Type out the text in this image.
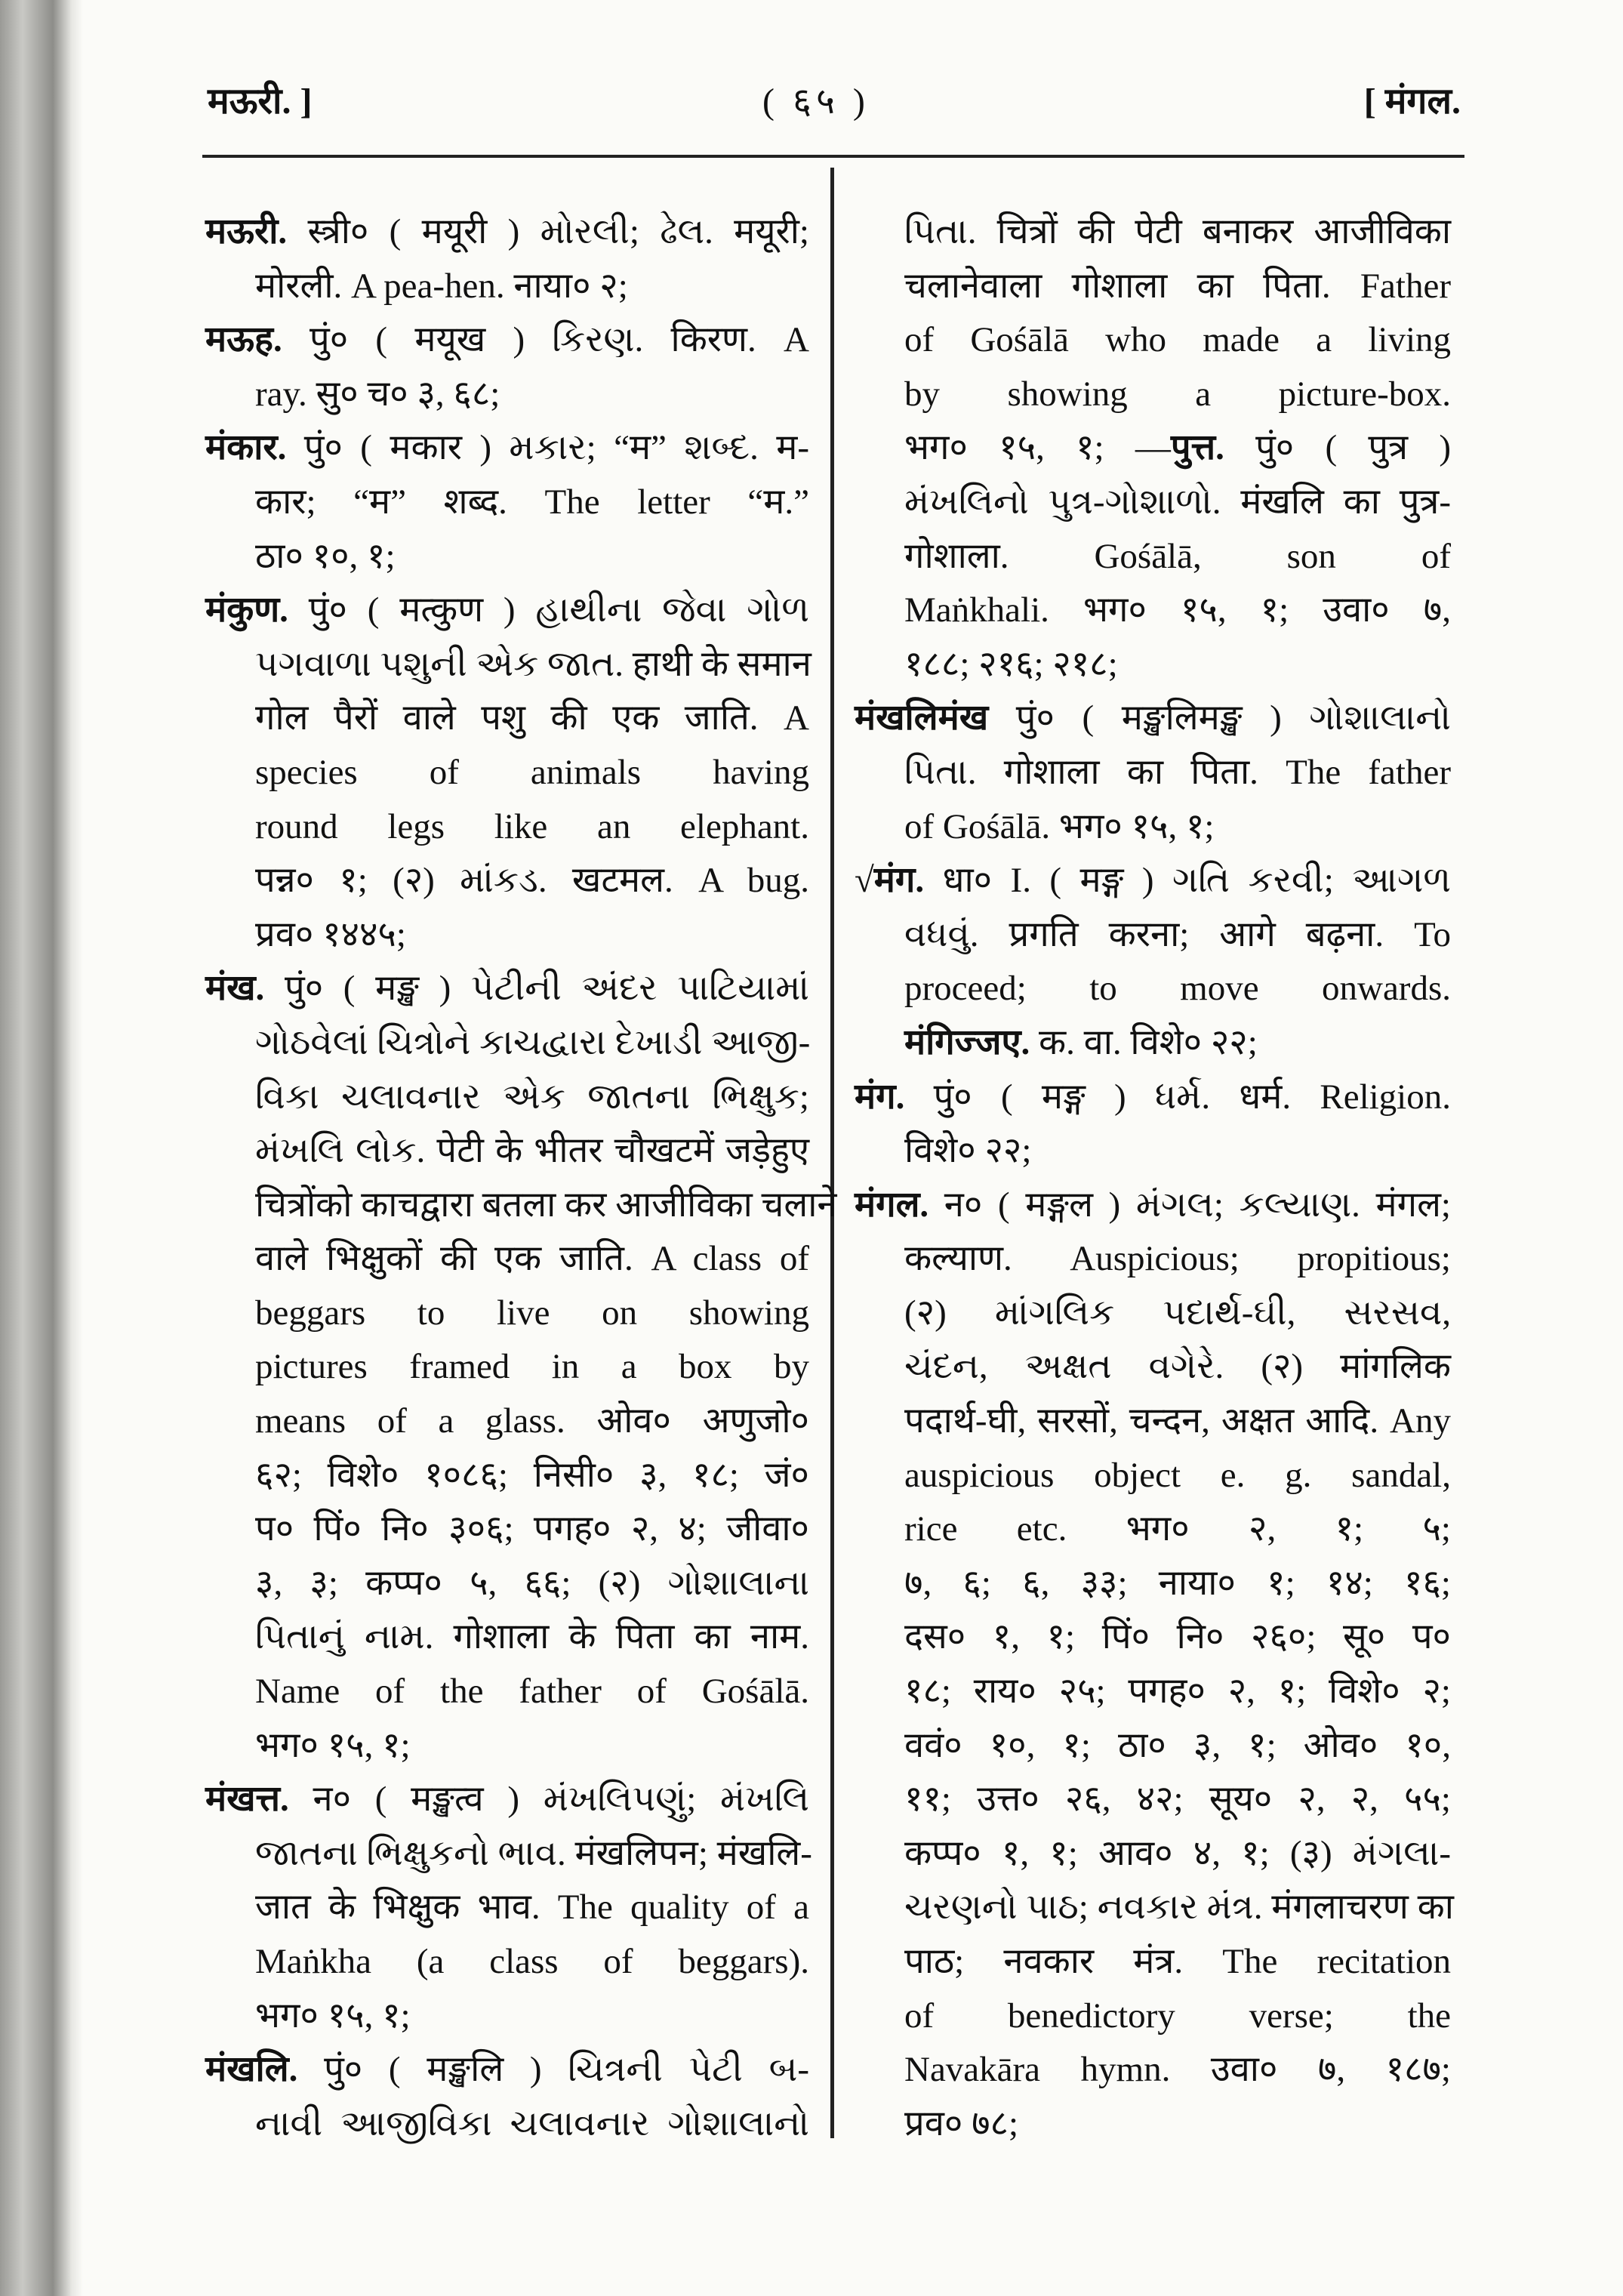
मऊरी. ]	( ६५ )	[ मंगल.
मऊरी. स्त्री० ( मयूरी ) મોરલી; ઢેલ. मयूरी;
मोरली. A pea-hen. नाया० २;
मऊह. पुं० ( मयूख ) કિરણ. किरण. A
ray. सु० च० ३, ६८;
मंकार. पुं० ( मकार ) મકાર; “म” શબ્દ. म-
कार; “म” शब्द. The letter “म.”
ठा० १०, १;
मंकुण. पुं० ( मत्कुण ) હાથીના જેવા ગોળ
પગવાળા પશુની એક જાત. हाथी के समान
गोल पैरों वाले पशु की एक जाति. A
species of animals having
round legs like an elephant.
पन्न० १; (२) માંકડ. खटमल. A bug.
प्रव० १४४५;
मंख. पुं० ( मङ्ख ) પેટીની અંદર પાટિયામાં
ગોઠવેલાં ચિત્રોને કાચદ્વારા દેખાડી આજી-
વિકા ચલાવનાર એક જાતના ભિક્ષુક;
મંખલિ લોક. पेटी के भीतर चौखटमें जड़ेहुए
चित्रोंको काचद्वारा बतला कर आजीविका चलाने
वाले भिक्षुकों की एक जाति. A class of
beggars to live on showing
pictures framed in a box by
means of a glass. ओव० अणुजो०
६२; विशे० १०८६; निसी० ३, १८; जं०
प० पिं० नि० ३०६; पगह० २, ४; जीवा०
३, ३; कप्प० ५, ६६; (२) ગોશાલાના
પિતાનું નામ. गोशाला के पिता का नाम.
Name of the father of Gośālā.
भग० १५, १;
मंखत्त. न० ( मङ्खत्व ) મંખલિપણું; મંખલિ
જાતના ભિક્ષુકનો ભાવ. मंखलिपन; मंखलि-
जात के भिक्षुक भाव. The quality of a
Maṅkha (a class of beggars).
भग० १५, १;
मंखलि. पुं० ( मङ्खलि ) ચિત્રની પેટી બ-
નાવી આજીવિકા ચલાવનાર ગોશાલાનો
પિતા. चित्रों की पेटी बनाकर आजीविका
चलानेवाला गोशाला का पिता. Father
of Gośālā who made a living
by showing a picture-box.
भग० १५, १; —पुत्त. पुं० ( पुत्र )
મંખલિનો પુત્ર-ગોશાળો. मंखलि का पुत्र-
गोशाला. Gośālā, son of
Maṅkhali. भग० १५, १; उवा० ७,
१८८; २१६; २१८;
मंखलिमंख पुं० ( मङ्खलिमङ्ख ) ગોશાલાનો
પિતા. गोशाला का पिता. The father
of Gośālā. भग० १५, १;
√मंग. धा० I. ( मङ्ग ) ગતિ કરવી; આગળ
વધવું. प्रगति करना; आगे बढ़ना. To
proceed; to move onwards.
मंगिज्जए. क. वा. विशे० २२;
मंग. पुं० ( मङ्ग ) ધર્મ. धर्म. Religion.
विशे० २२;
मंगल. न० ( मङ्गल ) મંગલ; કલ્યાણ. मंगल;
कल्याण. Auspicious; propitious;
(२) માંગલિક પદાર્થ-ઘી, સરસવ,
ચંદન, અક્ષત વગેરે. (२) मांगलिक
पदार्थ-घी, सरसों, चन्दन, अक्षत आदि. Any
auspicious object e. g. sandal,
rice etc. भग० २, १; ५;
७, ६; ६, ३३; नाया० १; १४; १६;
दस० १, १; पिं० नि० २६०; सू० प०
१८; राय० २५; पगह० २, १; विशे० २;
ववं० १०, १; ठा० ३, १; ओव० १०,
११; उत्त० २६, ४२; सूय० २, २, ५५;
कप्प० १, १; आव० ४, १; (३) મંગલા-
ચરણનો પાઠ; નવકાર મંત્ર. मंगलाचरण का
पाठ; नवकार मंत्र. The recitation
of benedictory verse; the
Navakāra hymn. उवा० ७, १८७;
प्रव० ७८;
